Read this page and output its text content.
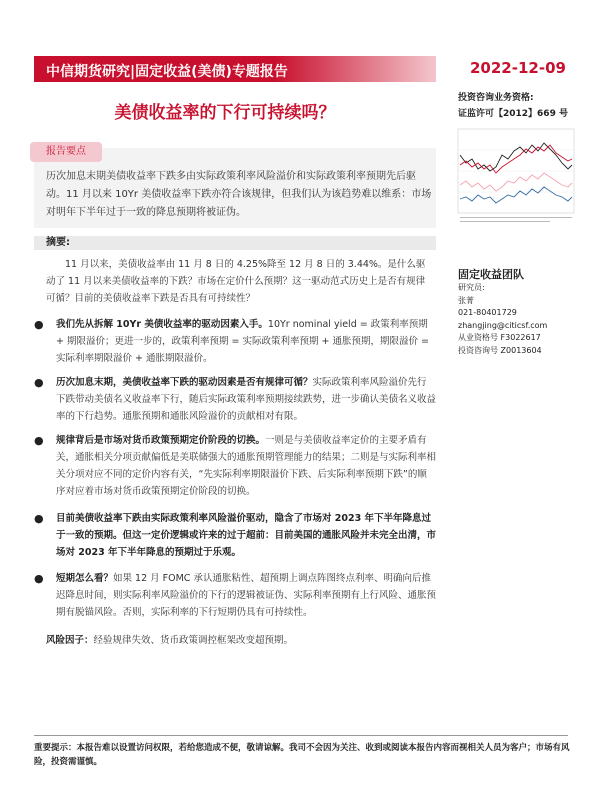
中信期货研究|固定收益(美债)专题报告	2022-12-09
美债收益率的下行可持续吗？
投资咨询业务资格:
证监许可【2012】669 号
报告要点
历次加息末期美债收益率下跌多由实际政策利率风险溢价和实际政策利率预期先后驱动。11 月以来 10Yr 美债收益率下跌亦符合该规律，但我们认为该趋势难以维系：市场对明年下半年过于一致的降息预期将被证伪。
摘要:
11 月以来，美债收益率由 11 月 8 日的 4.25%降至 12 月 8 日的 3.44%。是什么驱动了 11 月以来美债收益率的下跌？市场在定价什么预期？这一驱动范式历史上是否有规律可循？目前的美债收益率下跌是否具有可持续性？
● 我们先从拆解 10Yr 美债收益率的驱动因素入手。10Yr nominal yield = 政策利率预期 + 期限溢价；更进一步的，政策利率预期 = 实际政策利率预期 + 通胀预期，期限溢价 = 实际利率期限溢价 + 通胀期限溢价。
● 历次加息末期，美债收益率下跌的驱动因素是否有规律可循？实际政策利率风险溢价先行下跌带动美债名义收益率下行，随后实际政策利率预期接续跌势，进一步确认美债名义收益率的下行趋势。通胀预期和通胀风险溢价的贡献相对有限。
● 规律背后是市场对货币政策预期定价阶段的切换。一则是与美债收益率定价的主要矛盾有关，通胀相关分项贡献偏低是美联储强大的通胀预期管理能力的结果；二则是与实际利率相关分项对应不同的定价内容有关，“先实际利率期限溢价下跌、后实际利率预期下跌”的顺序对应着市场对货币政策预期定价阶段的切换。
● 目前美债收益率下跌由实际政策利率风险溢价驱动，隐含了市场对 2023 年下半年降息过于一致的预期。但这一定价逻辑或许来的过于超前：目前美国的通胀风险并未完全出清，市场对 2023 年下半年降息的预期过于乐观。
● 短期怎么看？如果 12 月 FOMC 承认通胀粘性、超预期上调点阵图终点利率、明确向后推迟降息时间，则实际利率风险溢价的下行的逻辑被证伪、实际利率预期有上行风险、通胀预期有脱锚风险。否则，实际利率的下行短期仍具有可持续性。
风险因子：经验规律失效、货币政策调控框架改变超预期。
固定收益团队
研究员:
张菁
021-80401729
zhangjing@citicsf.com
从业资格号 F3022617
投资咨询号 Z0013604
重要提示：本报告难以设置访问权限，若给您造成不便，敬请谅解。我司不会因为关注、收到或阅读本报告内容而视相关人员为客户；市场有风险，投资需谨慎。
